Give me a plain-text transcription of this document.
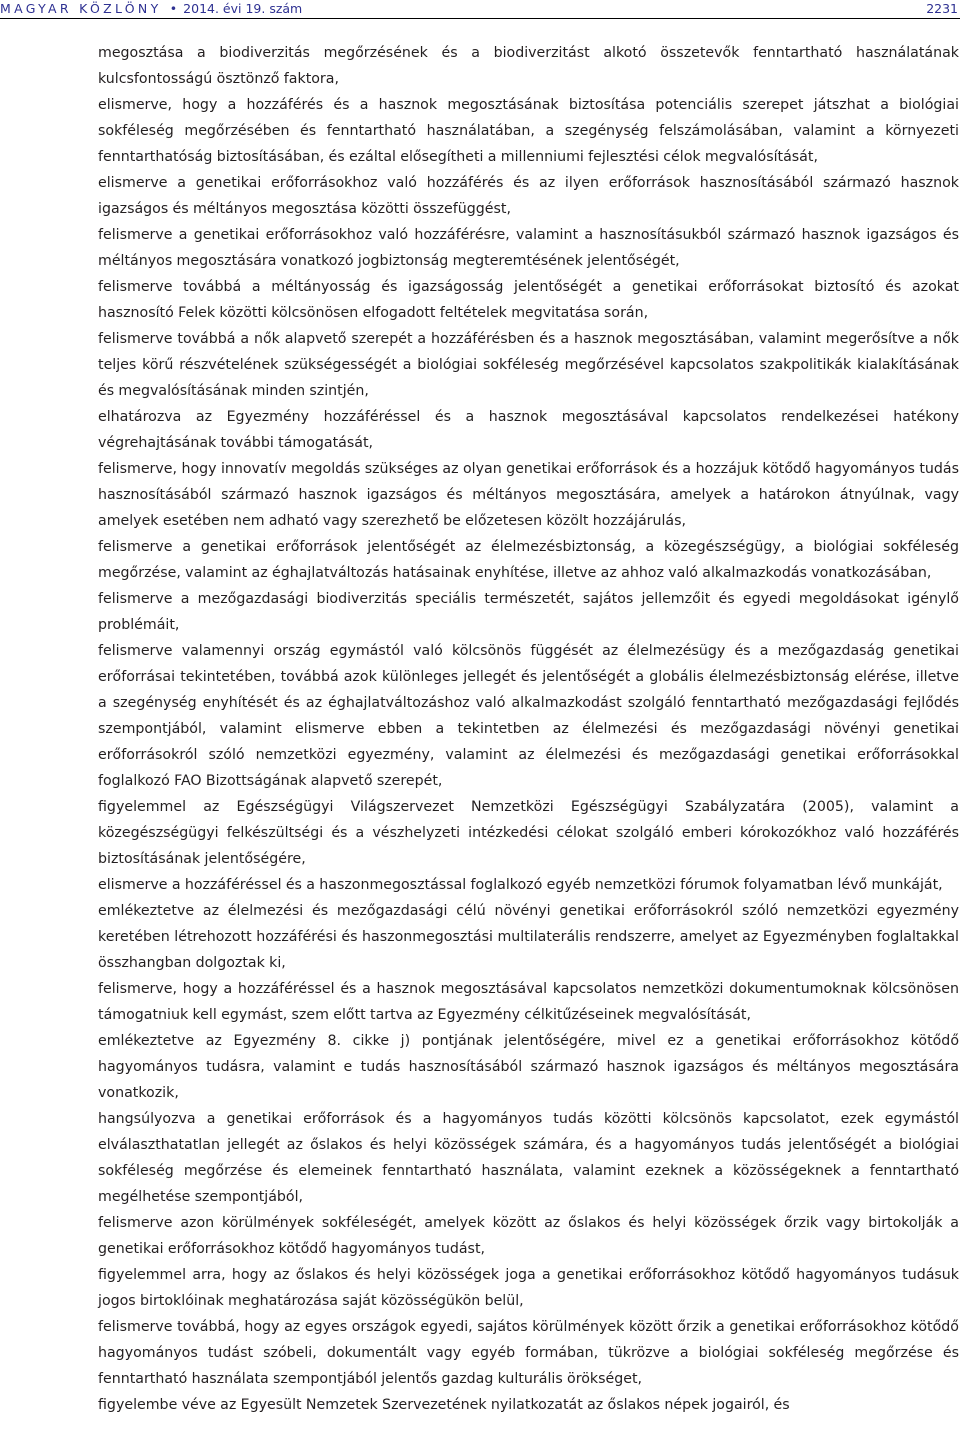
MAGYAR KÖZLÖNY • 2014. évi 19. szám	2231

megosztása a biodiverzitás megőrzésének és a biodiverzitást alkotó összetevők fenntartható használatának kulcsfontosságú ösztönző faktora,

elismerve, hogy a hozzáférés és a hasznok megosztásának biztosítása potenciális szerepet játszhat a biológiai sokféleség megőrzésében és fenntartható használatában, a szegénység felszámolásában, valamint a környezeti fenntarthatóság biztosításában, és ezáltal elősegítheti a millenniumi fejlesztési célok megvalósítását,

elismerve a genetikai erőforrásokhoz való hozzáférés és az ilyen erőforrások hasznosításából származó hasznok igazságos és méltányos megosztása közötti összefüggést,

felismerve a genetikai erőforrásokhoz való hozzáférésre, valamint a hasznosításukból származó hasznok igazságos és méltányos megosztására vonatkozó jogbiztonság megteremtésének jelentőségét,

felismerve továbbá a méltányosság és igazságosság jelentőségét a genetikai erőforrásokat biztosító és azokat hasznosító Felek közötti kölcsönösen elfogadott feltételek megvitatása során,

felismerve továbbá a nők alapvető szerepét a hozzáférésben és a hasznok megosztásában, valamint megerősítve a nők teljes körű részvételének szükségességét a biológiai sokféleség megőrzésével kapcsolatos szakpolitikák kialakításának és megvalósításának minden szintjén,

elhatározva az Egyezmény hozzáféréssel és a hasznok megosztásával kapcsolatos rendelkezései hatékony végrehajtásának további támogatását,

felismerve, hogy innovatív megoldás szükséges az olyan genetikai erőforrások és a hozzájuk kötődő hagyományos tudás hasznosításából származó hasznok igazságos és méltányos megosztására, amelyek a határokon átnyúlnak, vagy amelyek esetében nem adható vagy szerezhető be előzetesen közölt hozzájárulás,

felismerve a genetikai erőforrások jelentőségét az élelmezésbiztonság, a közegészségügy, a biológiai sokféleség megőrzése, valamint az éghajlatváltozás hatásainak enyhítése, illetve az ahhoz való alkalmazkodás vonatkozásában,

felismerve a mezőgazdasági biodiverzitás speciális természetét, sajátos jellemzőit és egyedi megoldásokat igénylő problémáit,

felismerve valamennyi ország egymástól való kölcsönös függését az élelmezésügy és a mezőgazdaság genetikai erőforrásai tekintetében, továbbá azok különleges jellegét és jelentőségét a globális élelmezésbiztonság elérése, illetve a szegénység enyhítését és az éghajlatváltozáshoz való alkalmazkodást szolgáló fenntartható mezőgazdasági fejlődés szempontjából, valamint elismerve ebben a tekintetben az élelmezési és mezőgazdasági növényi genetikai erőforrásokról szóló nemzetközi egyezmény, valamint az élelmezési és mezőgazdasági genetikai erőforrásokkal foglalkozó FAO Bizottságának alapvető szerepét,

figyelemmel az Egészségügyi Világszervezet Nemzetközi Egészségügyi Szabályzatára (2005), valamint a közegészségügyi felkészültségi és a vészhelyzeti intézkedési célokat szolgáló emberi kórokozókhoz való hozzáférés biztosításának jelentőségére,

elismerve a hozzáféréssel és a haszonmegosztással foglalkozó egyéb nemzetközi fórumok folyamatban lévő munkáját,

emlékeztetve az élelmezési és mezőgazdasági célú növényi genetikai erőforrásokról szóló nemzetközi egyezmény keretében létrehozott hozzáférési és haszonmegosztási multilaterális rendszerre, amelyet az Egyezményben foglaltakkal összhangban dolgoztak ki,

felismerve, hogy a hozzáféréssel és a hasznok megosztásával kapcsolatos nemzetközi dokumentumoknak kölcsönösen támogatniuk kell egymást, szem előtt tartva az Egyezmény célkitűzéseinek megvalósítását,

emlékeztetve az Egyezmény 8. cikke j) pontjának jelentőségére, mivel ez a genetikai erőforrásokhoz kötődő hagyományos tudásra, valamint e tudás hasznosításából származó hasznok igazságos és méltányos megosztására vonatkozik,

hangsúlyozva a genetikai erőforrások és a hagyományos tudás közötti kölcsönös kapcsolatot, ezek egymástól elválaszthatatlan jellegét az őslakos és helyi közösségek számára, és a hagyományos tudás jelentőségét a biológiai sokféleség megőrzése és elemeinek fenntartható használata, valamint ezeknek a közösségeknek a fenntartható megélhetése szempontjából,

felismerve azon körülmények sokféleségét, amelyek között az őslakos és helyi közösségek őrzik vagy birtokolják a genetikai erőforrásokhoz kötődő hagyományos tudást,

figyelemmel arra, hogy az őslakos és helyi közösségek joga a genetikai erőforrásokhoz kötődő hagyományos tudásuk jogos birtoklóinak meghatározása saját közösségükön belül,

felismerve továbbá, hogy az egyes országok egyedi, sajátos körülmények között őrzik a genetikai erőforrásokhoz kötődő hagyományos tudást szóbeli, dokumentált vagy egyéb formában, tükrözve a biológiai sokféleség megőrzése és fenntartható használata szempontjából jelentős gazdag kulturális örökséget,

figyelembe véve az Egyesült Nemzetek Szervezetének nyilatkozatát az őslakos népek jogairól, és
